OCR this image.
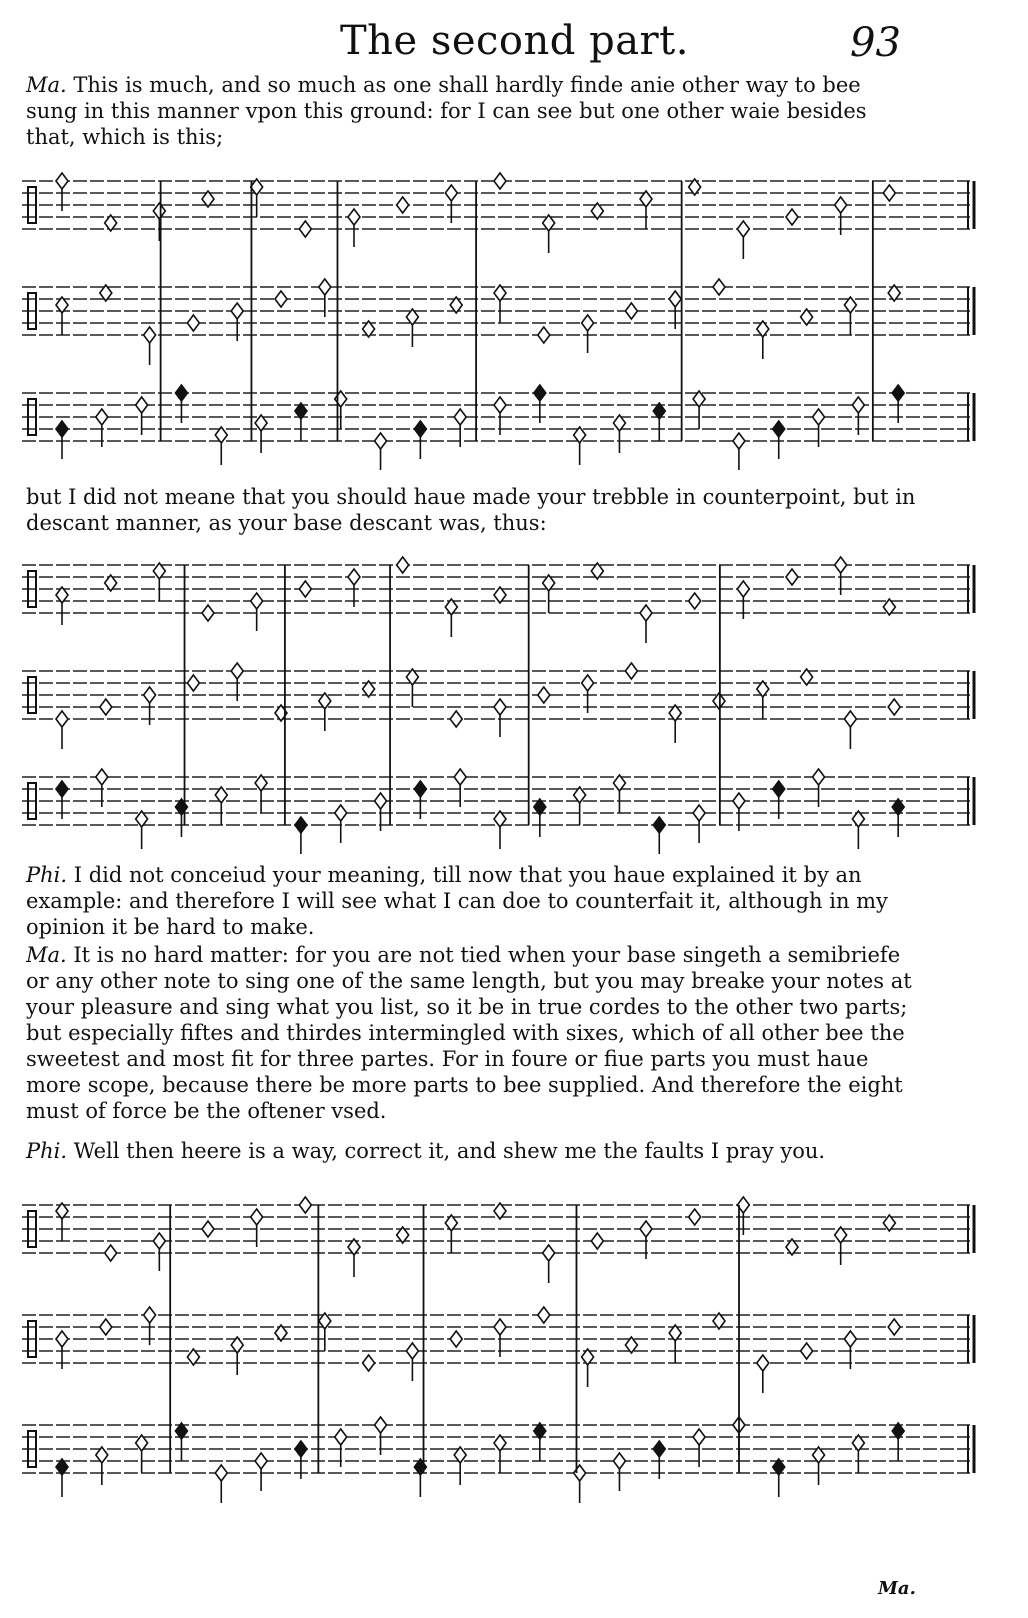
The second part.	93

Ma. This is much, and so much as one shall hardly finde anie other way to bee sung in this manner vpon this ground: for I can see but one other waie besides that, which is this;

but I did not meane that you should haue made your trebble in counterpoint, but in descant manner, as your base descant was, thus:

Phi. I did not conceiud your meaning, till now that you haue explained it by an example: and therefore I will see what I can doe to counterfait it, although in my opinion it be hard to make.

Ma. It is no hard matter: for you are not tied when your base singeth a semibriefe or any other note to sing one of the same length, but you may breake your notes at your pleasure and sing what you list, so it be in true cordes to the other two parts; but especially fiftes and thirdes intermingled with sixes, which of all other bee the sweetest and most fit for three partes. For in foure or fiue parts you must haue more scope, because there be more parts to bee supplied. And therefore the eight must of force be the oftener vsed.

Phi. Well then heere is a way, correct it, and shew me the faults I pray you.

Ma.
